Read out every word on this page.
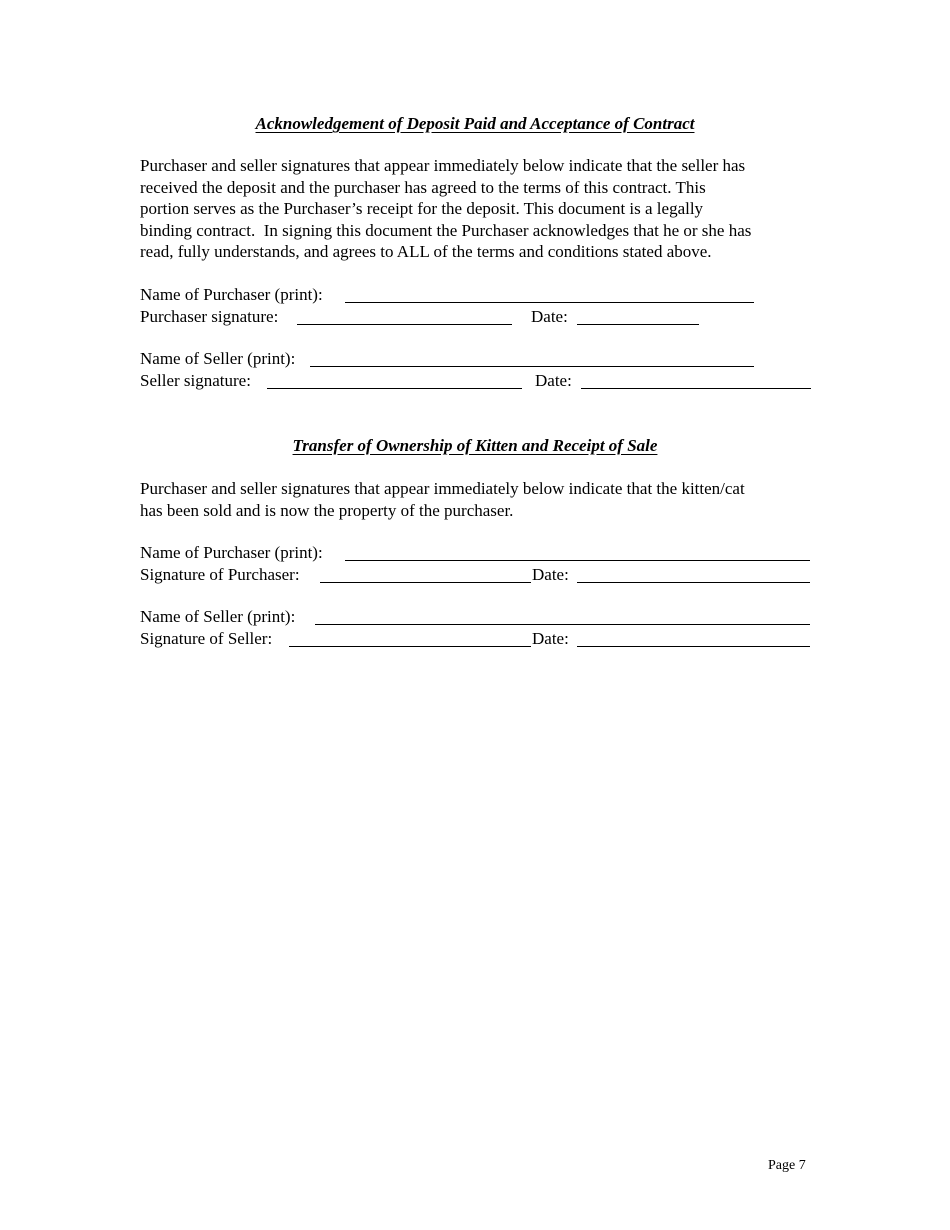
Acknowledgement of Deposit Paid and Acceptance of Contract
Purchaser and seller signatures that appear immediately below indicate that the seller has
received the deposit and the purchaser has agreed to the terms of this contract. This
portion serves as the Purchaser’s receipt for the deposit. This document is a legally
binding contract.  In signing this document the Purchaser acknowledges that he or she has
read, fully understands, and agrees to ALL of the terms and conditions stated above.
Name of Purchaser (print):
Purchaser signature:	Date:
Name of Seller (print):
Seller signature:	Date:
Transfer of Ownership of Kitten and Receipt of Sale
Purchaser and seller signatures that appear immediately below indicate that the kitten/cat
has been sold and is now the property of the purchaser.
Name of Purchaser (print):
Signature of Purchaser:	Date:
Name of Seller (print):
Signature of Seller:	Date:
Page 7
